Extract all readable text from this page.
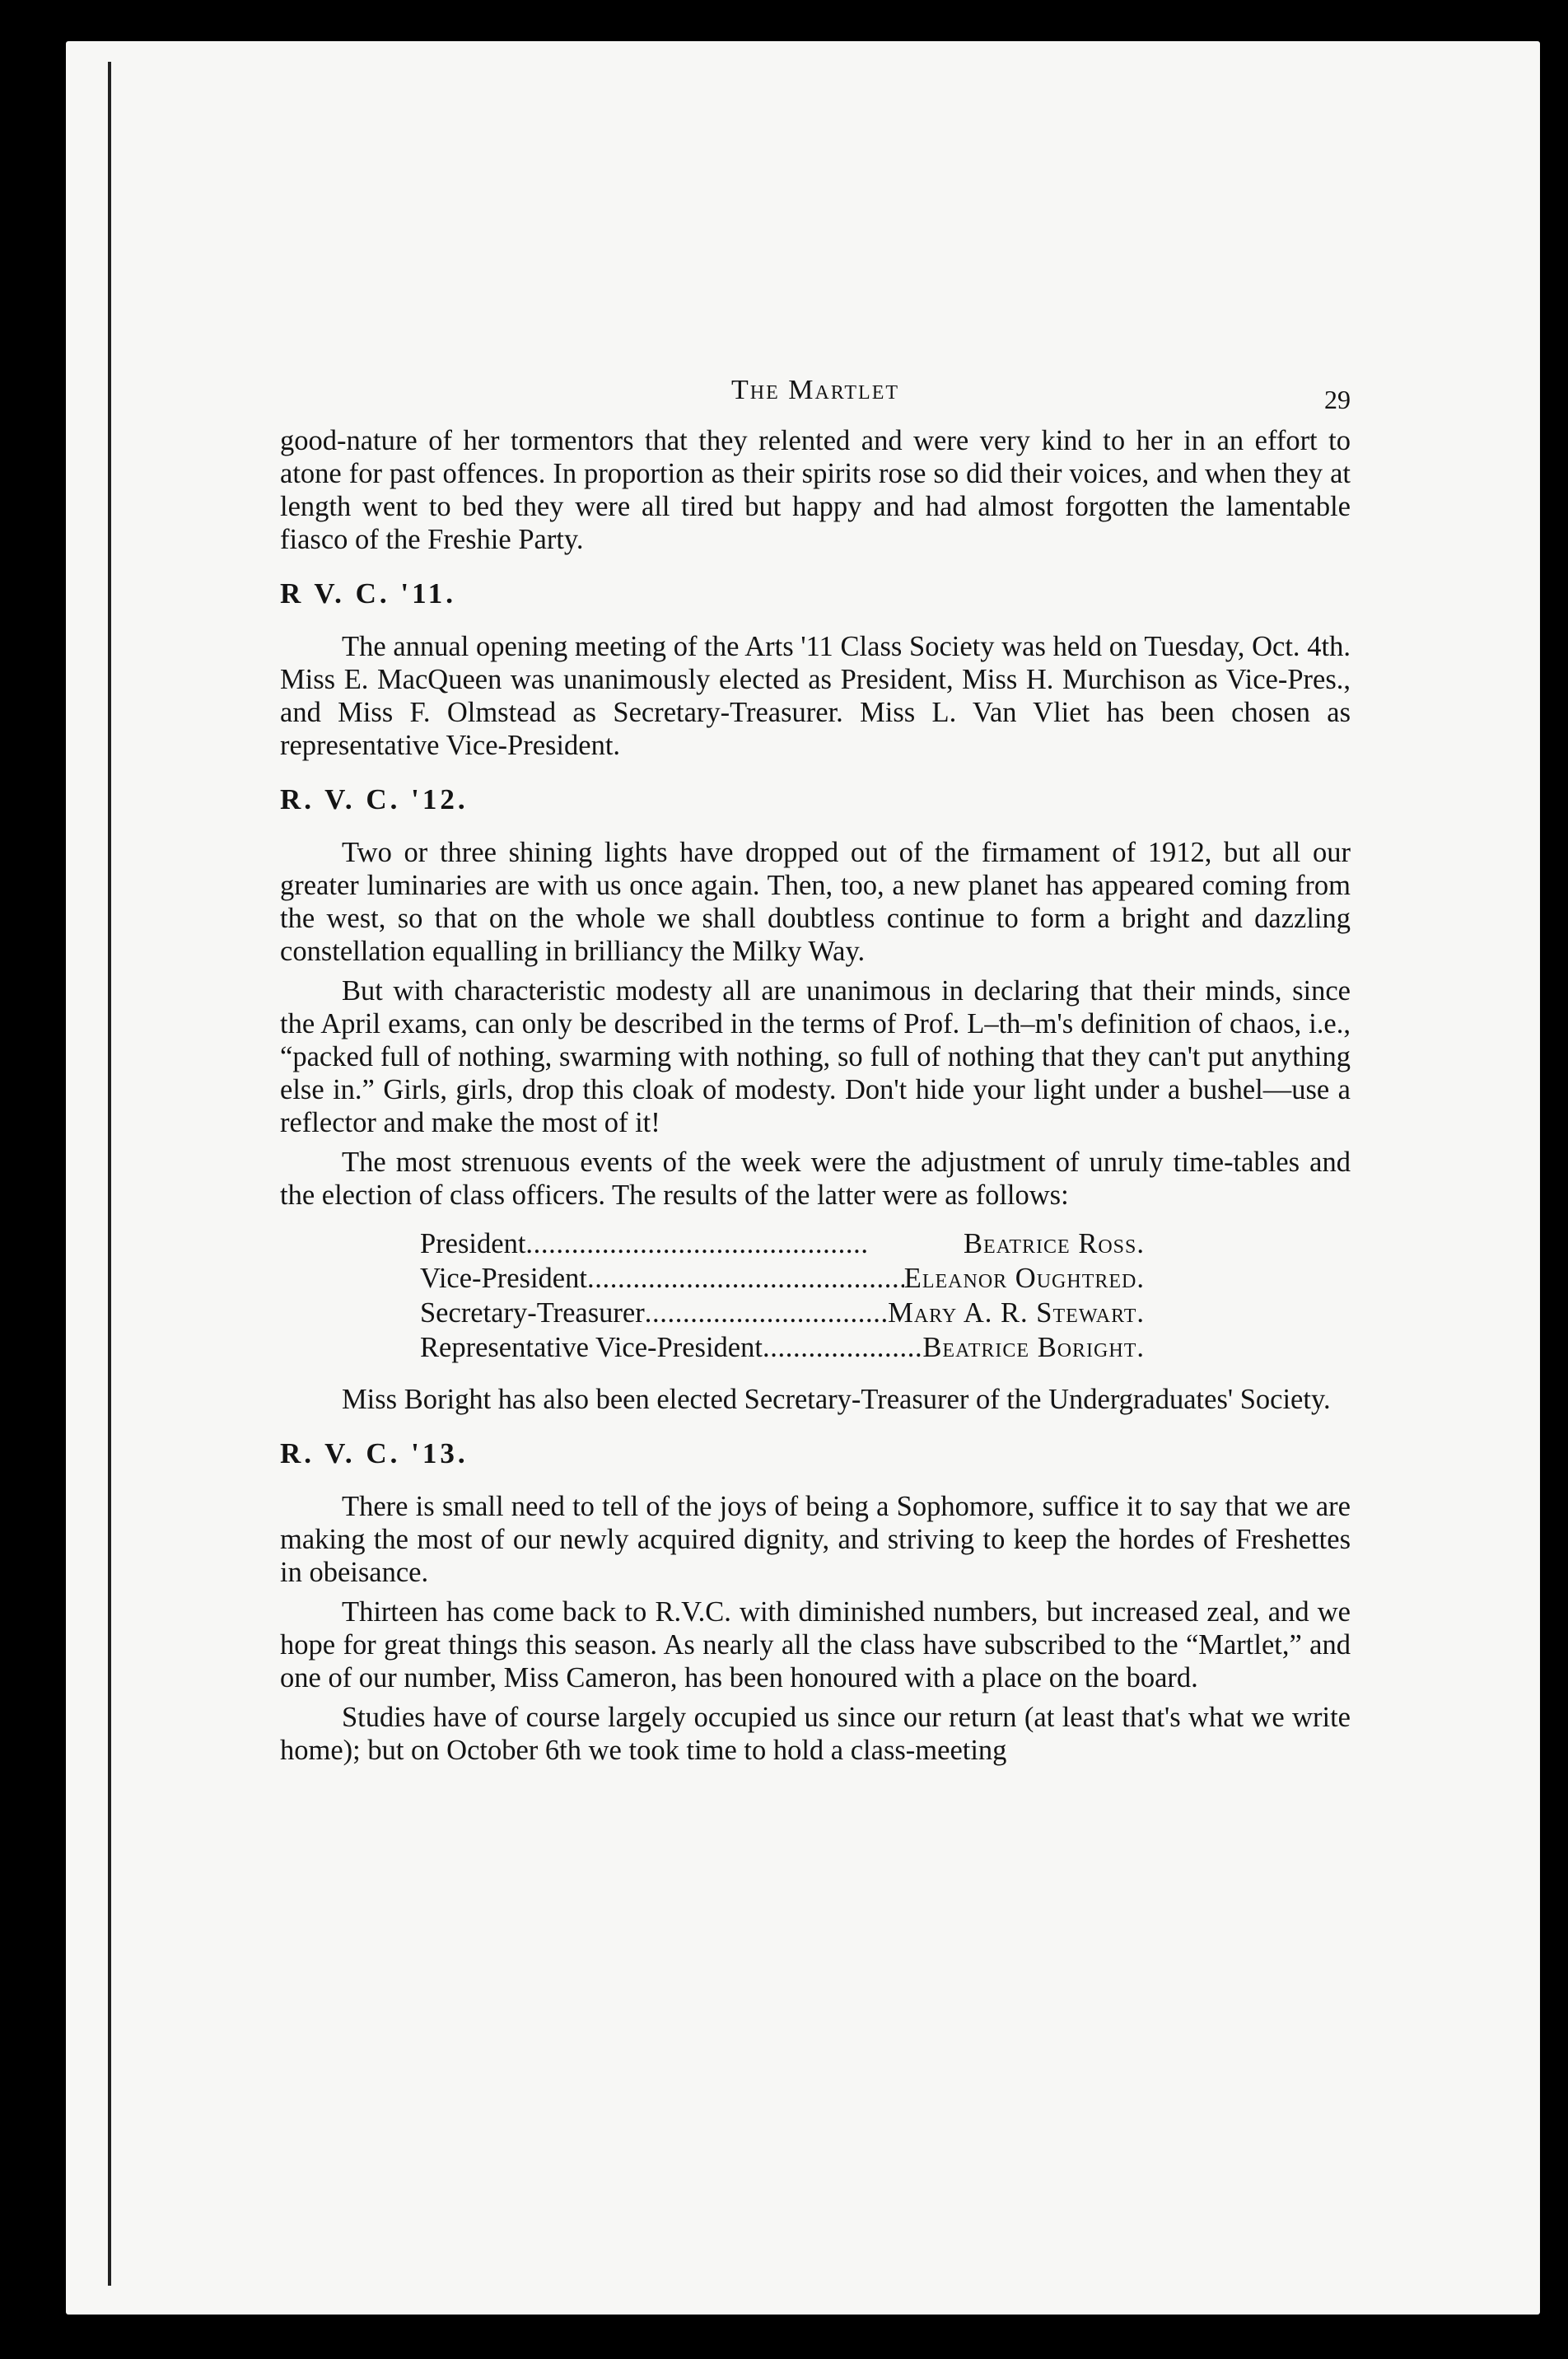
The Martlet	29

good-nature of her tormentors that they relented and were very kind to her in an effort to atone for past offences. In proportion as their spirits rose so did their voices, and when they at length went to bed they were all tired but happy and had almost forgotten the lamentable fiasco of the Freshie Party.

R V. C. '11.

The annual opening meeting of the Arts '11 Class Society was held on Tuesday, Oct. 4th. Miss E. MacQueen was unanimously elected as President, Miss H. Murchison as Vice-Pres., and Miss F. Olmstead as Secretary-Treasurer. Miss L. Van Vliet has been chosen as representative Vice-President.

R. V. C. '12.

Two or three shining lights have dropped out of the firmament of 1912, but all our greater luminaries are with us once again. Then, too, a new planet has appeared coming from the west, so that on the whole we shall doubtless continue to form a bright and dazzling constellation equalling in brilliancy the Milky Way.

But with characteristic modesty all are unanimous in declaring that their minds, since the April exams, can only be described in the terms of Prof. L–th–m's definition of chaos, i.e., “packed full of nothing, swarming with nothing, so full of nothing that they can't put anything else in.” Girls, girls, drop this cloak of modesty. Don't hide your light under a bushel—use a reflector and make the most of it!

The most strenuous events of the week were the adjustment of unruly time-tables and the election of class officers. The results of the latter were as follows:

President . . .	Beatrice Ross.
Vice-President . . .	Eleanor Oughtred.
Secretary-Treasurer . . .	Mary A. R. Stewart.
Representative Vice-President . . .	Beatrice Boright.

Miss Boright has also been elected Secretary-Treasurer of the Undergraduates' Society.

R. V. C. '13.

There is small need to tell of the joys of being a Sophomore, suffice it to say that we are making the most of our newly acquired dignity, and striving to keep the hordes of Freshettes in obeisance.

Thirteen has come back to R.V.C. with diminished numbers, but increased zeal, and we hope for great things this season. As nearly all the class have subscribed to the “Martlet,” and one of our number, Miss Cameron, has been honoured with a place on the board.

Studies have of course largely occupied us since our return (at least that's what we write home); but on October 6th we took time to hold a class-meeting
